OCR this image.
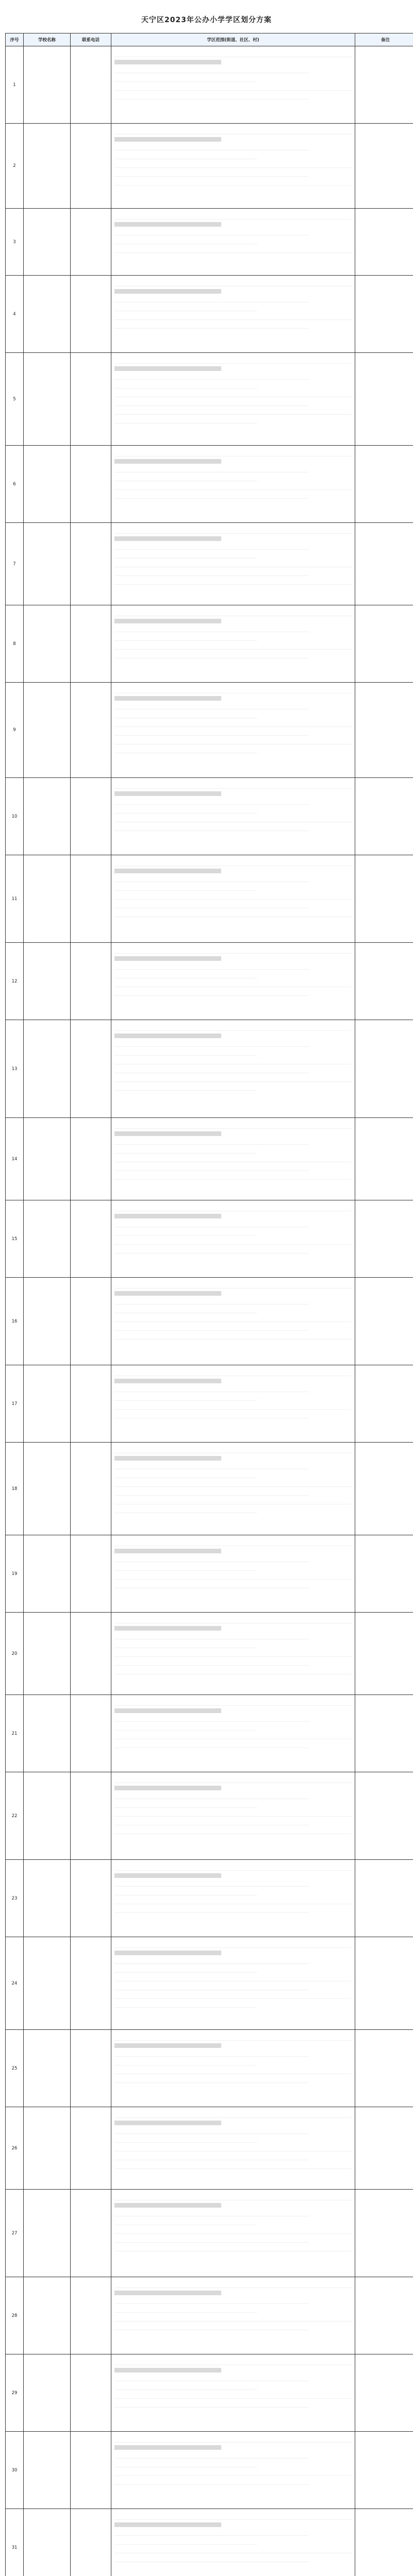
天宁区2023年公办小学学区划分方案
序号	学校名称	联系电话	学区范围(街道、社区、村)	备注
1			

2			

3			

4			

5			

6			

7			

8			

9			

10			

11			

12			

13			

14			

15			

16			

17			

18			

19			

20			

21			

22			

23			

24			

25			

26			

27			

28			

29			

30			

31			
